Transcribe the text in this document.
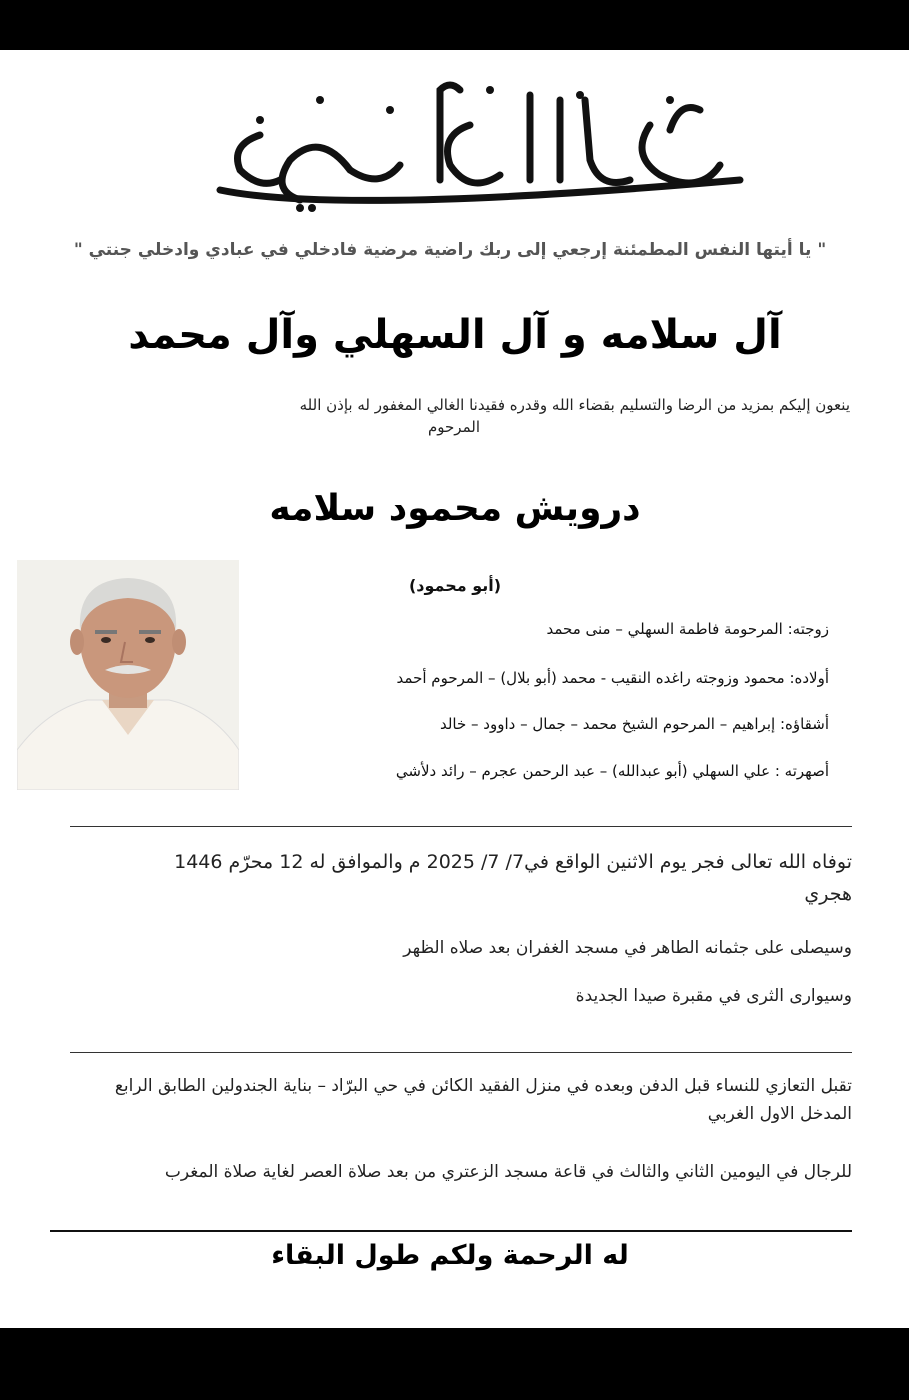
" يا أيتها النفس المطمئنة إرجعي إلى ربك راضية مرضية فادخلي في عبادي وادخلي جنتي "
آل سلامه و آل السهلي وآل محمد
ينعون إليكم بمزيد من الرضا والتسليم بقضاء الله وقدره فقيدنا الغالي المغفور له بإذن الله
المرحوم
درويش محمود سلامه
(أبو محمود)
زوجته: المرحومة فاطمة السهلي – منى محمد
أولاده: محمود وزوجته راغده النقيب - محمد (أبو بلال) – المرحوم أحمد
أشقاؤه: إبراهيم – المرحوم الشيخ محمد – جمال – داوود – خالد
أصهرته : علي السهلي (أبو عبدالله) – عبد الرحمن عجرم – رائد دلأشي
توفاه الله تعالى فجر يوم الاثنين الواقع في7/ 7/ 2025 م والموافق له 12 محرّم 1446
هجري
وسيصلى على جثمانه الطاهر في مسجد الغفران بعد صلاه الظهر
وسيوارى الثرى في مقبرة صيدا الجديدة
تقبل التعازي للنساء قبل الدفن وبعده في منزل الفقيد الكائن في حي البرّاد – بناية الجندولين الطابق الرابع المدخل الاول الغربي
للرجال في اليومين الثاني والثالث في قاعة مسجد الزعتري من بعد صلاة العصر لغاية صلاة المغرب
له الرحمة ولكم طول البقاء
